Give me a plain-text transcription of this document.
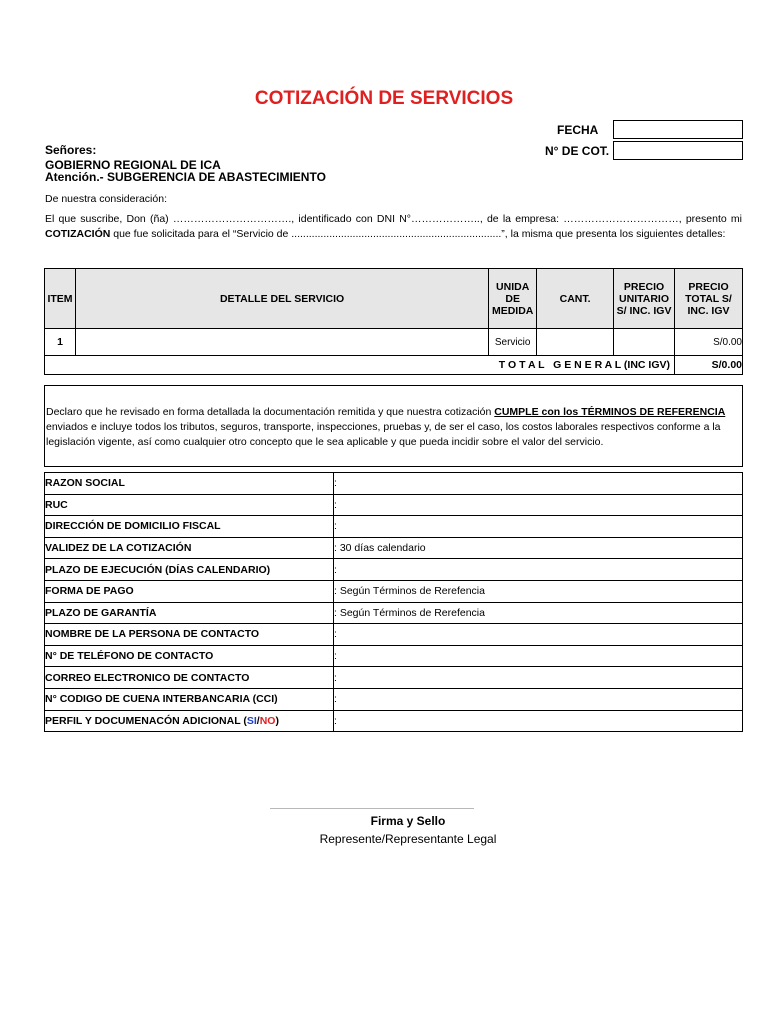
COTIZACIÓN DE SERVICIOS
FECHA
N° DE COT.
Señores:
GOBIERNO REGIONAL DE ICA
Atención.- SUBGERENCIA DE ABASTECIMIENTO
De nuestra consideración:
El que suscribe, Don (ña) ……………………………., identificado con DNI N°……………….., de la empresa: ……………………………, presento mi COTIZACIÓN que fue solicitada para el “Servicio de ........................................................................”, la misma que presenta los siguientes detalles:
ITEM	DETALLE DEL SERVICIO	UNIDA DE MEDIDA	CANT.	PRECIO UNITARIO S/ INC. IGV	PRECIO TOTAL S/ INC. IGV
1		Servicio			S/0.00
T O T A L   G E N E R A L (INC IGV)					S/0.00
Declaro que he revisado en forma detallada la documentación remitida y que nuestra cotización CUMPLE con los TÉRMINOS DE REFERENCIA enviados e incluye todos los tributos, seguros, transporte, inspecciones, pruebas y, de ser el caso, los costos laborales respectivos conforme a la legislación vigente, así como cualquier otro concepto que le sea aplicable y que pueda incidir sobre el valor del servicio.
RAZON SOCIAL	:
RUC	:
DIRECCIÓN DE DOMICILIO FISCAL	:
VALIDEZ DE LA COTIZACIÓN	: 30 días calendario
PLAZO DE EJECUCIÓN (DÍAS CALENDARIO)	:
FORMA DE PAGO	: Según Términos de Rerefencia
PLAZO DE GARANTÍA	: Según Términos de Rerefencia
NOMBRE DE LA PERSONA DE CONTACTO	:
N° DE TELÉFONO DE CONTACTO	:
CORREO ELECTRONICO DE CONTACTO	:
N° CODIGO DE CUENA INTERBANCARIA (CCI)	:
PERFIL Y DOCUMENACÓN ADICIONAL (SI/NO)	:
Firma y Sello
Represente/Representante Legal
